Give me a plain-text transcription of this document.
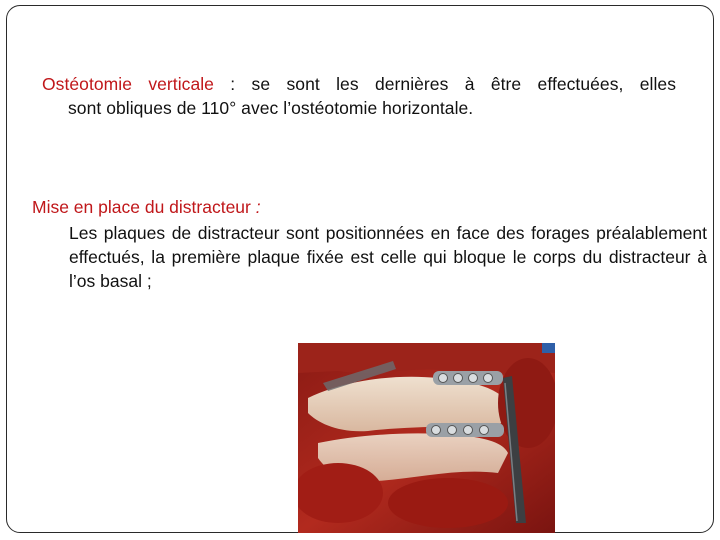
Ostéotomie verticale : se sont les dernières à être effectuées, elles
sont obliques de 110° avec l’ostéotomie horizontale.
Mise en place du distracteur :
Les plaques de distracteur sont positionnées en face des forages préalablement effectués, la première plaque fixée est celle qui bloque le corps du distracteur à l’os basal ;
